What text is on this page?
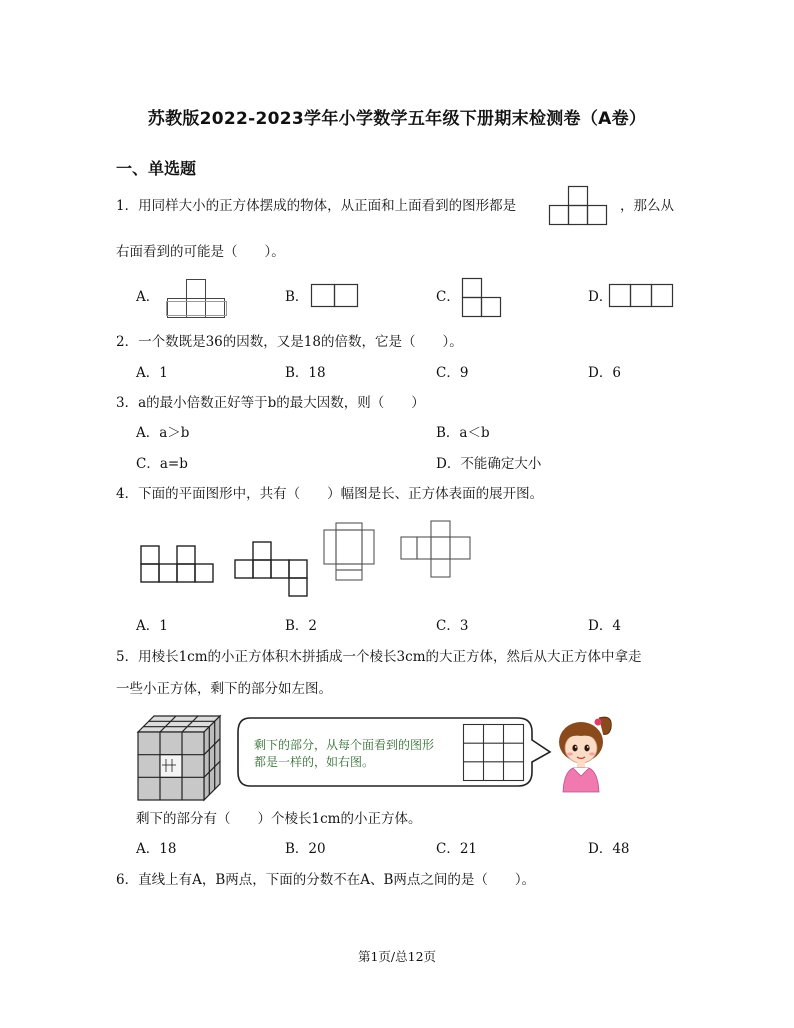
苏教版2022-2023学年小学数学五年级下册期末检测卷（A卷）
一、单选题
1．用同样大小的正方体摆成的物体，从正面和上面看到的图形都是	，那么从
右面看到的可能是（　　）。
A．	B．	C．	D．
2．一个数既是36的因数，又是18的倍数，它是（　　）。
A．1	B．18	C．9	D．6
3．a的最小倍数正好等于b的最大因数，则（　　）
A．a＞b	B．a＜b
C．a=b	D．不能确定大小
4．下面的平面图形中，共有（　　）幅图是长、正方体表面的展开图。
A．1	B．2	C．3	D．4
5．用棱长1cm的小正方体积木拼插成一个棱长3cm的大正方体，然后从大正方体中拿走
一些小正方体，剩下的部分如左图。
剩下的部分，从每个面看到的图形
都是一样的，如右图。
剩下的部分有（　　）个棱长1cm的小正方体。
A．18	B．20	C．21	D．48
6．直线上有A，B两点，下面的分数不在A、B两点之间的是（　　）。
第1页/总12页
